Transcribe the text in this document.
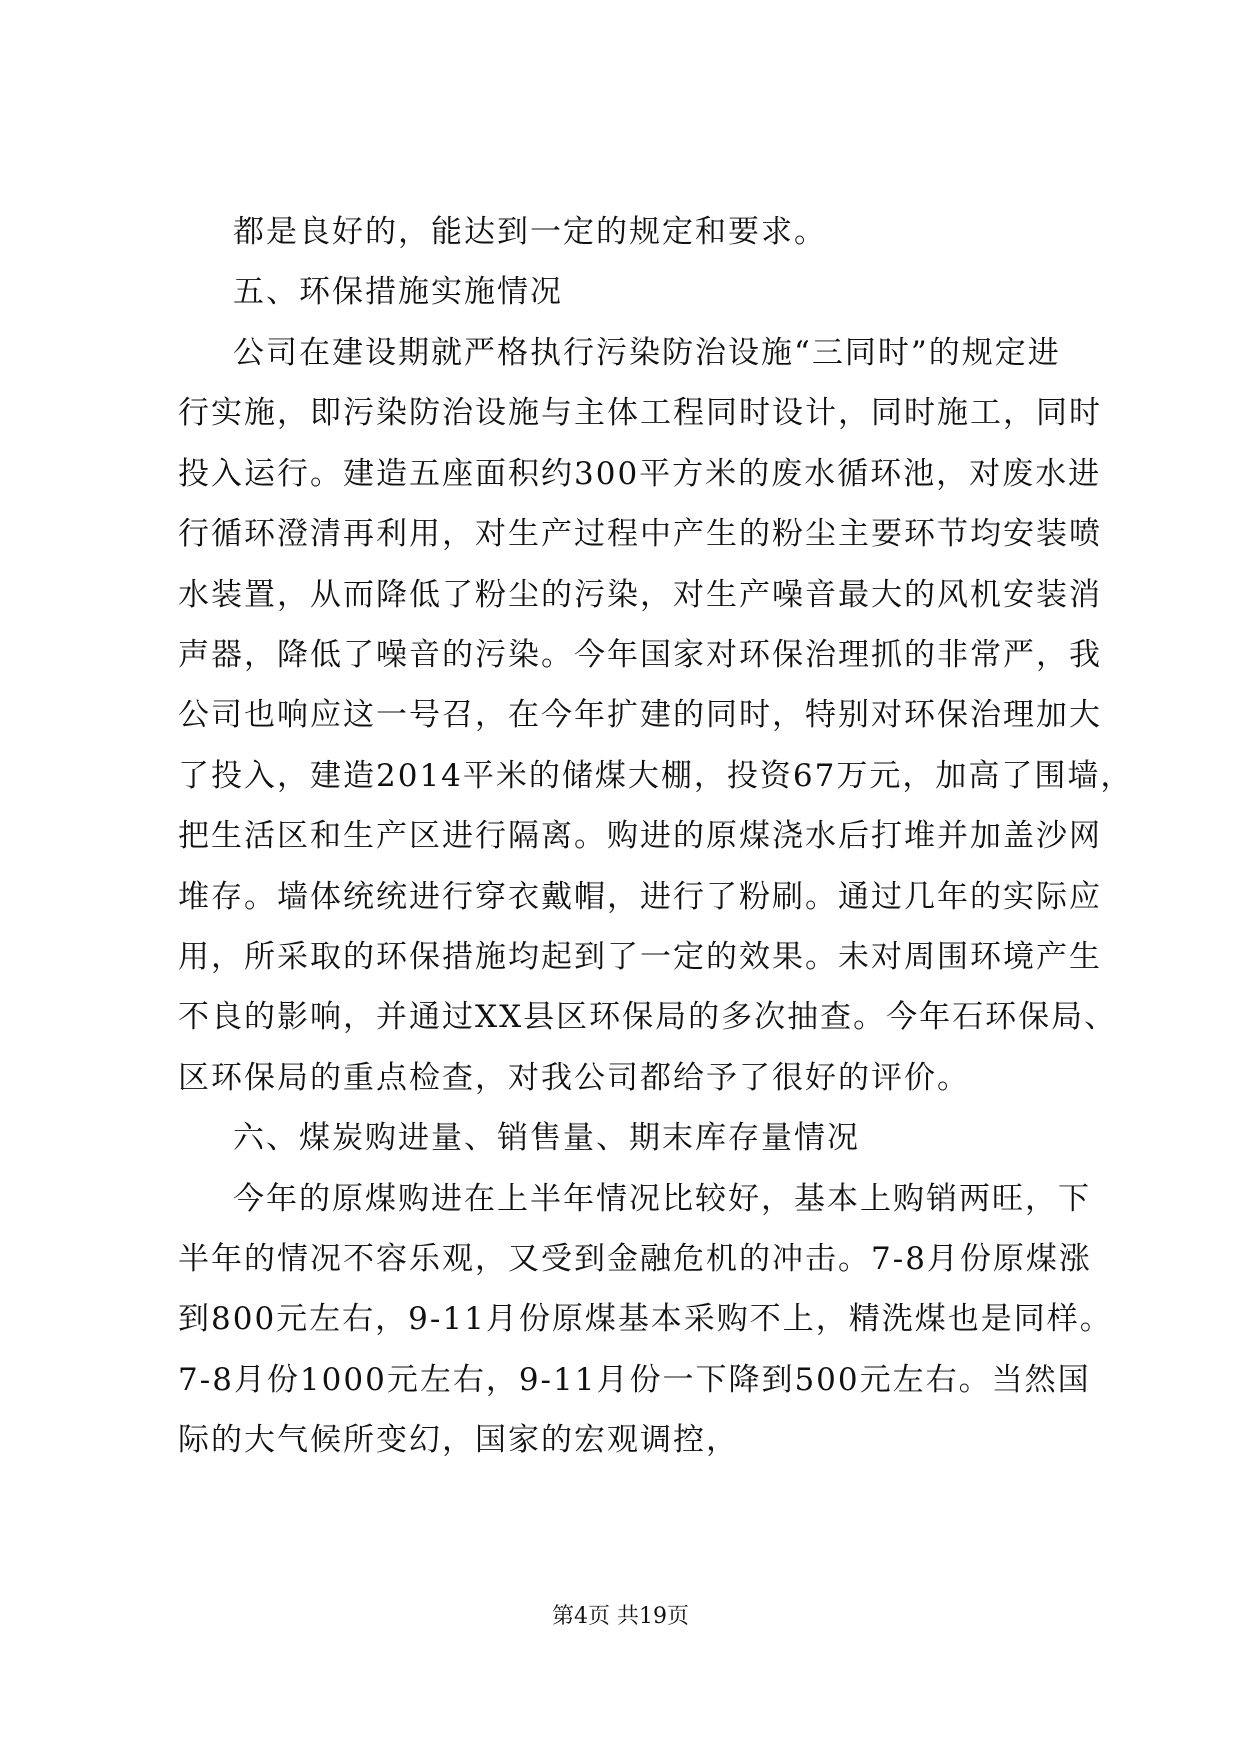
都是良好的，能达到一定的规定和要求。
五、环保措施实施情况
公司在建设期就严格执行污染防治设施“三同时”的规定进
行实施，即污染防治设施与主体工程同时设计，同时施工，同时
投入运行。建造五座面积约300平方米的废水循环池，对废水进
行循环澄清再利用，对生产过程中产生的粉尘主要环节均安装喷
水装置，从而降低了粉尘的污染，对生产噪音最大的风机安装消
声器，降低了噪音的污染。今年国家对环保治理抓的非常严，我
公司也响应这一号召，在今年扩建的同时，特别对环保治理加大
了投入，建造2014平米的储煤大棚，投资67万元，加高了围墙，
把生活区和生产区进行隔离。购进的原煤浇水后打堆并加盖沙网
堆存。墙体统统进行穿衣戴帽，进行了粉刷。通过几年的实际应
用，所采取的环保措施均起到了一定的效果。未对周围环境产生
不良的影响，并通过XX县区环保局的多次抽查。今年石环保局、
区环保局的重点检查，对我公司都给予了很好的评价。
六、煤炭购进量、销售量、期末库存量情况
今年的原煤购进在上半年情况比较好，基本上购销两旺，下
半年的情况不容乐观，又受到金融危机的冲击。7-8月份原煤涨
到800元左右，9-11月份原煤基本采购不上，精洗煤也是同样。
7-8月份1000元左右，9-11月份一下降到500元左右。当然国
际的大气候所变幻，国家的宏观调控，
第4页 共19页
